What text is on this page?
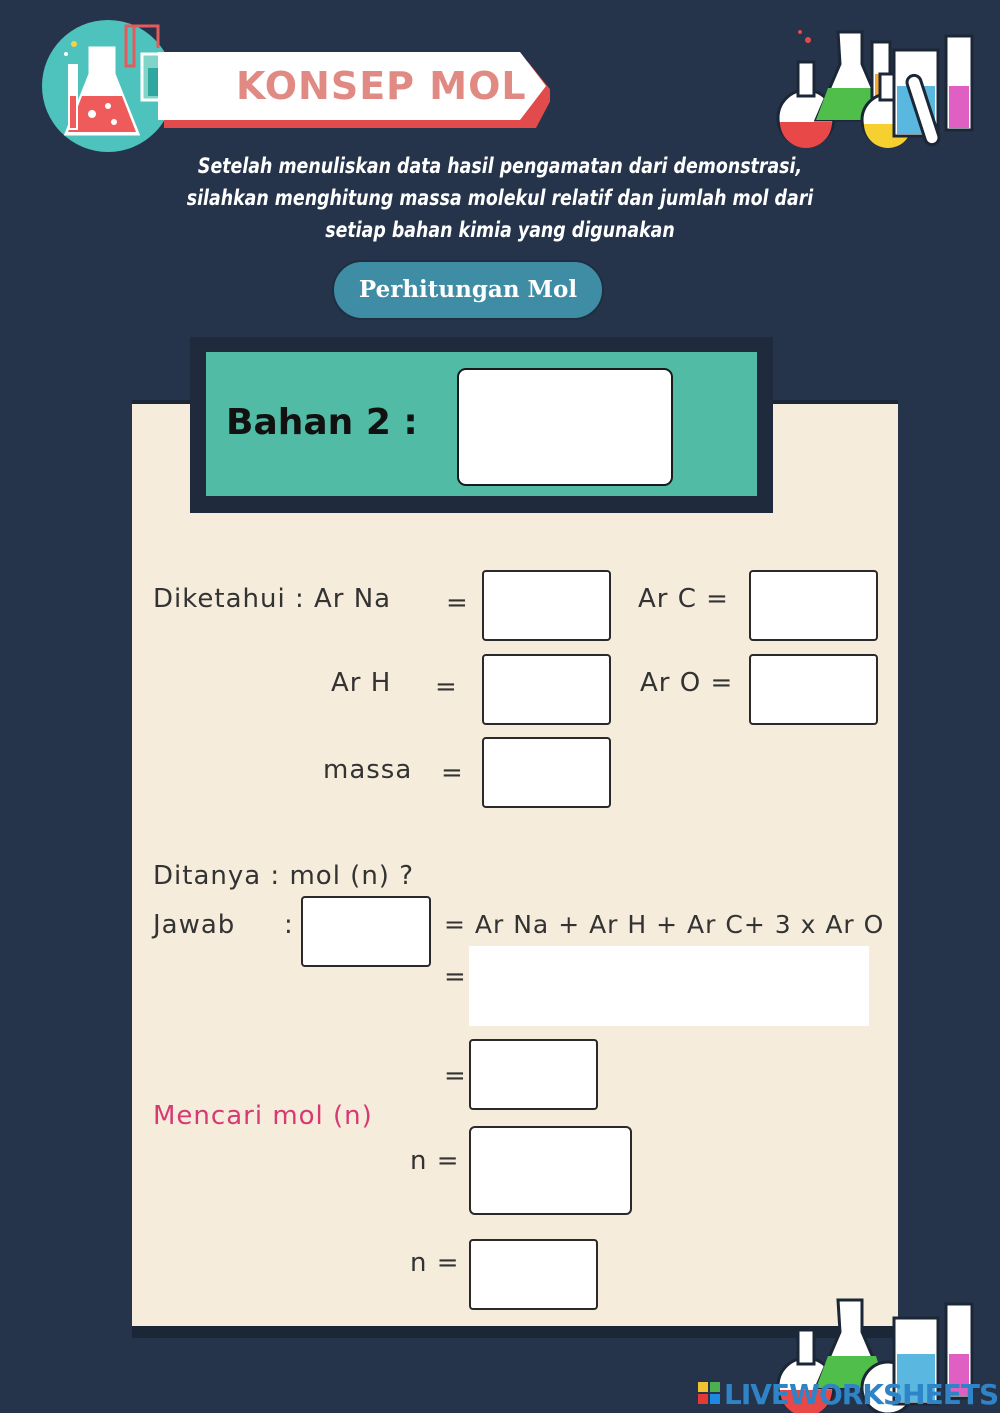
KONSEP MOL
Setelah menuliskan data hasil pengamatan dari demonstrasi,
silahkan menghitung massa molekul relatif dan jumlah mol dari
setiap bahan kimia yang digunakan
Perhitungan Mol
Bahan 2 :
Diketahui : Ar Na =	Ar C =
Ar H =	Ar O =
massa =
Ditanya : mol (n) ?
Jawab :	= Ar Na + Ar H + Ar C+ 3 x Ar O
=
=
Mencari mol (n)
n =
n =
LIVEWORKSHEETS
